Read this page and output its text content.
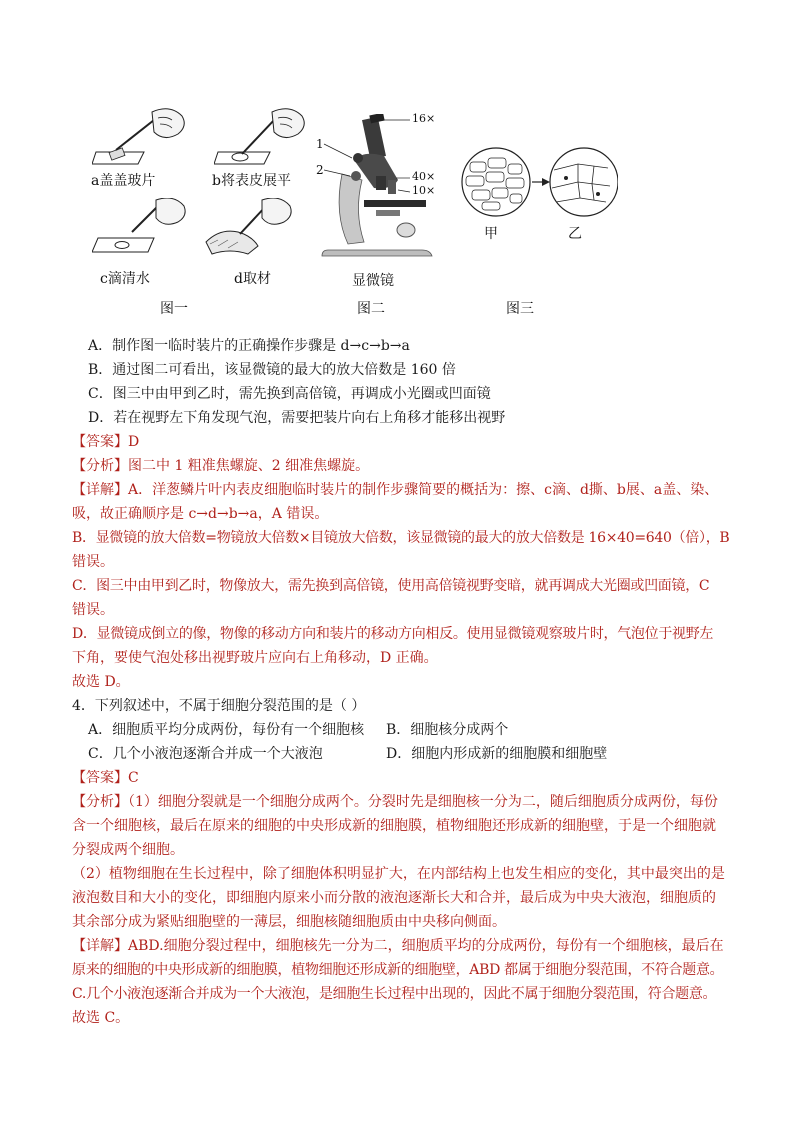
a盖盖玻片	b将表皮展平
c滴清水	d取材
16×
1
2	40×
10×
显微镜
甲	乙
图一	图二	图三
A．制作图一临时装片的正确操作步骤是 d→c→b→a
B．通过图二可看出，该显微镜的最大的放大倍数是 160 倍
C．图三中由甲到乙时，需先换到高倍镜，再调成小光圈或凹面镜
D．若在视野左下角发现气泡，需要把装片向右上角移才能移出视野
【答案】D
【分析】图二中 1 粗准焦螺旋、2 细准焦螺旋。
【详解】A．洋葱鳞片叶内表皮细胞临时装片的制作步骤简要的概括为：擦、c滴、d撕、b展、a盖、染、
吸，故正确顺序是 c→d→b→a，A 错误。
B．显微镜的放大倍数=物镜放大倍数×目镜放大倍数，该显微镜的最大的放大倍数是 16×40=640（倍），B
错误。
C．图三中由甲到乙时，物像放大，需先换到高倍镜，使用高倍镜视野变暗，就再调成大光圈或凹面镜，C
错误。
D．显微镜成倒立的像，物像的移动方向和装片的移动方向相反。使用显微镜观察玻片时，气泡位于视野左
下角，要使气泡处移出视野玻片应向右上角移动，D 正确。
故选 D。
4．下列叙述中，不属于细胞分裂范围的是（ ）
A．细胞质平均分成两份，每份有一个细胞核 B．细胞核分成两个
C．几个小液泡逐渐合并成一个大液泡	D．细胞内形成新的细胞膜和细胞壁
【答案】C
【分析】（1）细胞分裂就是一个细胞分成两个。分裂时先是细胞核一分为二，随后细胞质分成两份，每份
含一个细胞核，最后在原来的细胞的中央形成新的细胞膜，植物细胞还形成新的细胞壁，于是一个细胞就
分裂成两个细胞。
（2）植物细胞在生长过程中，除了细胞体积明显扩大，在内部结构上也发生相应的变化，其中最突出的是
液泡数目和大小的变化，即细胞内原来小而分散的液泡逐渐长大和合并，最后成为中央大液泡，细胞质的
其余部分成为紧贴细胞壁的一薄层，细胞核随细胞质由中央移向侧面。
【详解】ABD.细胞分裂过程中，细胞核先一分为二，细胞质平均的分成两份，每份有一个细胞核，最后在
原来的细胞的中央形成新的细胞膜，植物细胞还形成新的细胞壁，ABD 都属于细胞分裂范围，不符合题意。
C.几个小液泡逐渐合并成为一个大液泡，是细胞生长过程中出现的，因此不属于细胞分裂范围，符合题意。
故选 C。
